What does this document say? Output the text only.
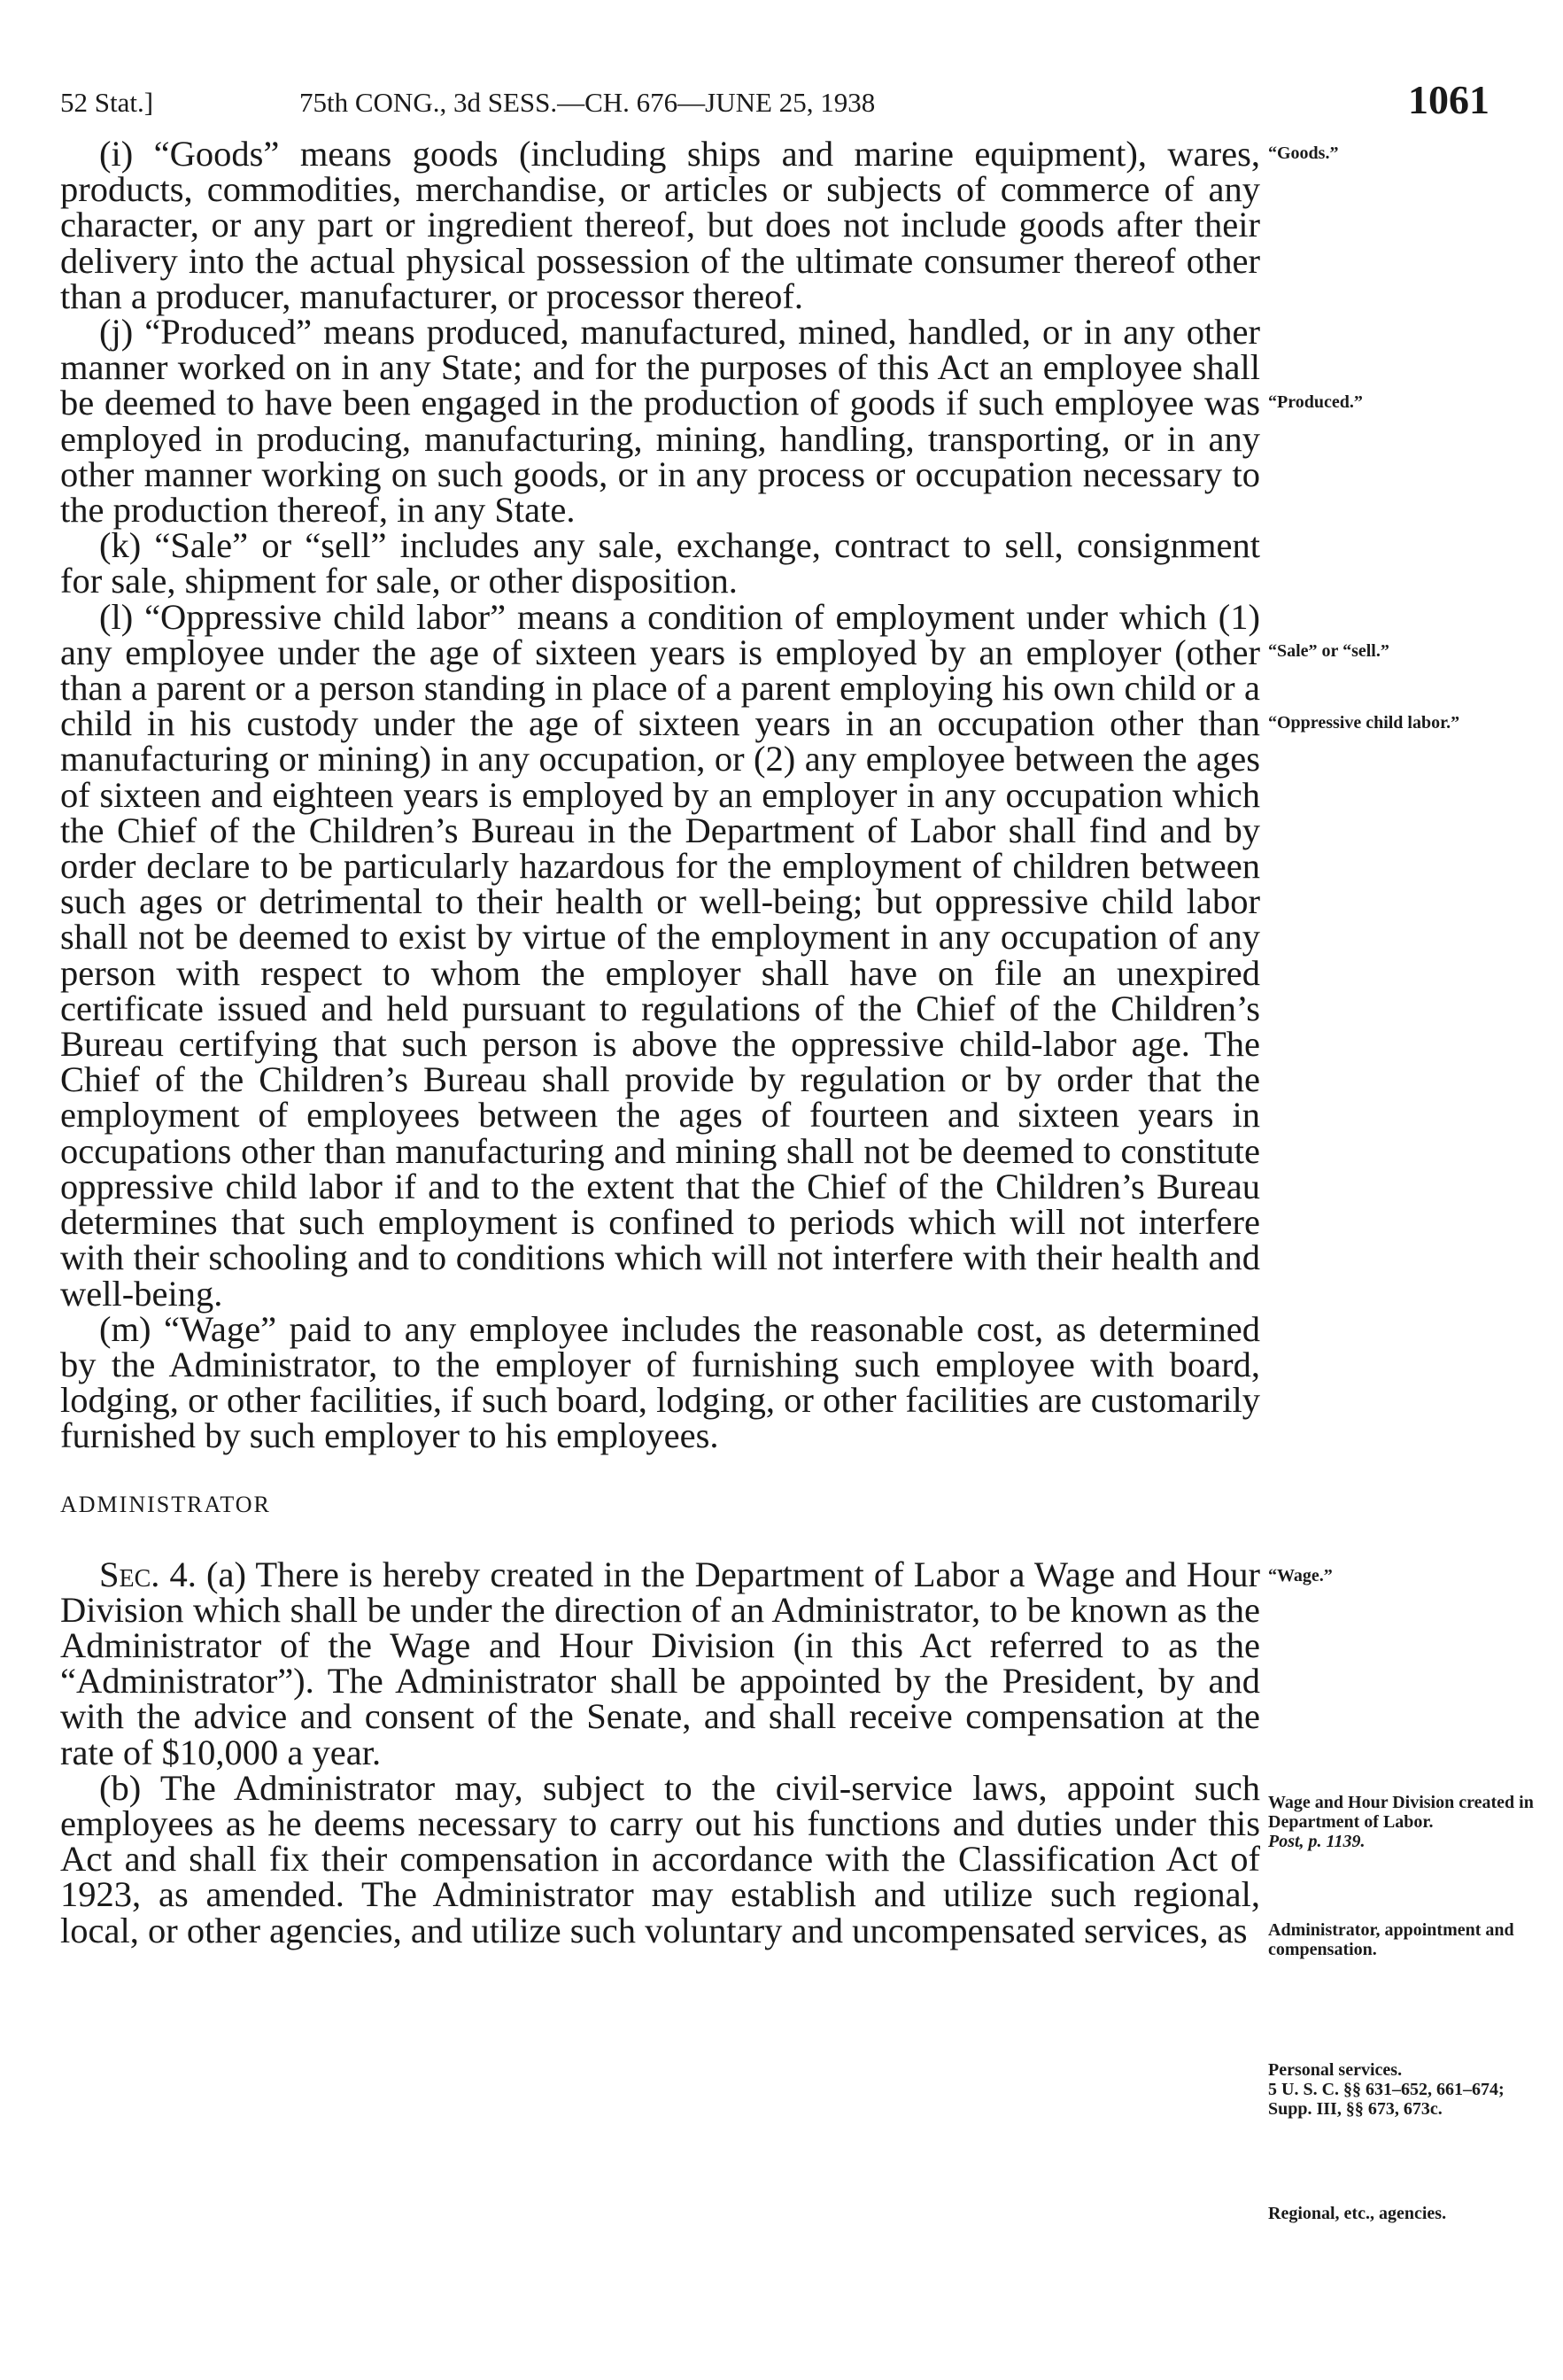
52 Stat.]	75th CONG., 3d SESS.—CH. 676—JUNE 25, 1938	1061

(i) “Goods” means goods (including ships and marine equipment), wares, products, commodities, merchandise, or articles or subjects of commerce of any character, or any part or ingredient thereof, but does not include goods after their delivery into the actual physical possession of the ultimate consumer thereof other than a producer, manufacturer, or processor thereof.

(j) “Produced” means produced, manufactured, mined, handled, or in any other manner worked on in any State; and for the purposes of this Act an employee shall be deemed to have been engaged in the production of goods if such employee was employed in producing, manufacturing, mining, handling, transporting, or in any other manner working on such goods, or in any process or occupation necessary to the production thereof, in any State.

(k) “Sale” or “sell” includes any sale, exchange, contract to sell, consignment for sale, shipment for sale, or other disposition.

(l) “Oppressive child labor” means a condition of employment under which (1) any employee under the age of sixteen years is employed by an employer (other than a parent or a person standing in place of a parent employing his own child or a child in his custody under the age of sixteen years in an occupation other than manufacturing or mining) in any occupation, or (2) any employee between the ages of sixteen and eighteen years is employed by an employer in any occupation which the Chief of the Children’s Bureau in the Department of Labor shall find and by order declare to be particularly hazardous for the employment of children between such ages or detrimental to their health or well-being; but oppressive child labor shall not be deemed to exist by virtue of the employment in any occupation of any person with respect to whom the employer shall have on file an unexpired certificate issued and held pursuant to regulations of the Chief of the Children’s Bureau certifying that such person is above the oppressive child-labor age. The Chief of the Children’s Bureau shall provide by regulation or by order that the employment of employees between the ages of fourteen and sixteen years in occupations other than manufacturing and mining shall not be deemed to constitute oppressive child labor if and to the extent that the Chief of the Children’s Bureau determines that such employment is confined to periods which will not interfere with their schooling and to conditions which will not interfere with their health and well-being.

(m) “Wage” paid to any employee includes the reasonable cost, as determined by the Administrator, to the employer of furnishing such employee with board, lodging, or other facilities, if such board, lodging, or other facilities are customarily furnished by such employer to his employees.

ADMINISTRATOR

Sec. 4. (a) There is hereby created in the Department of Labor a Wage and Hour Division which shall be under the direction of an Administrator, to be known as the Administrator of the Wage and Hour Division (in this Act referred to as the “Administrator”). The Administrator shall be appointed by the President, by and with the advice and consent of the Senate, and shall receive compensation at the rate of $10,000 a year.

(b) The Administrator may, subject to the civil-service laws, appoint such employees as he deems necessary to carry out his functions and duties under this Act and shall fix their compensation in accordance with the Classification Act of 1923, as amended. The Administrator may establish and utilize such regional, local, or other agencies, and utilize such voluntary and uncompensated services, as

“Goods.”
“Produced.”
“Sale” or “sell.”
“Oppressive child labor.”
“Wage.”
Wage and Hour Division created in Department of Labor.
Post, p. 1139.
Administrator, appointment and compensation.
Personal services.
5 U. S. C. §§ 631–652, 661–674; Supp. III, §§ 673, 673c.
Regional, etc., agencies.
